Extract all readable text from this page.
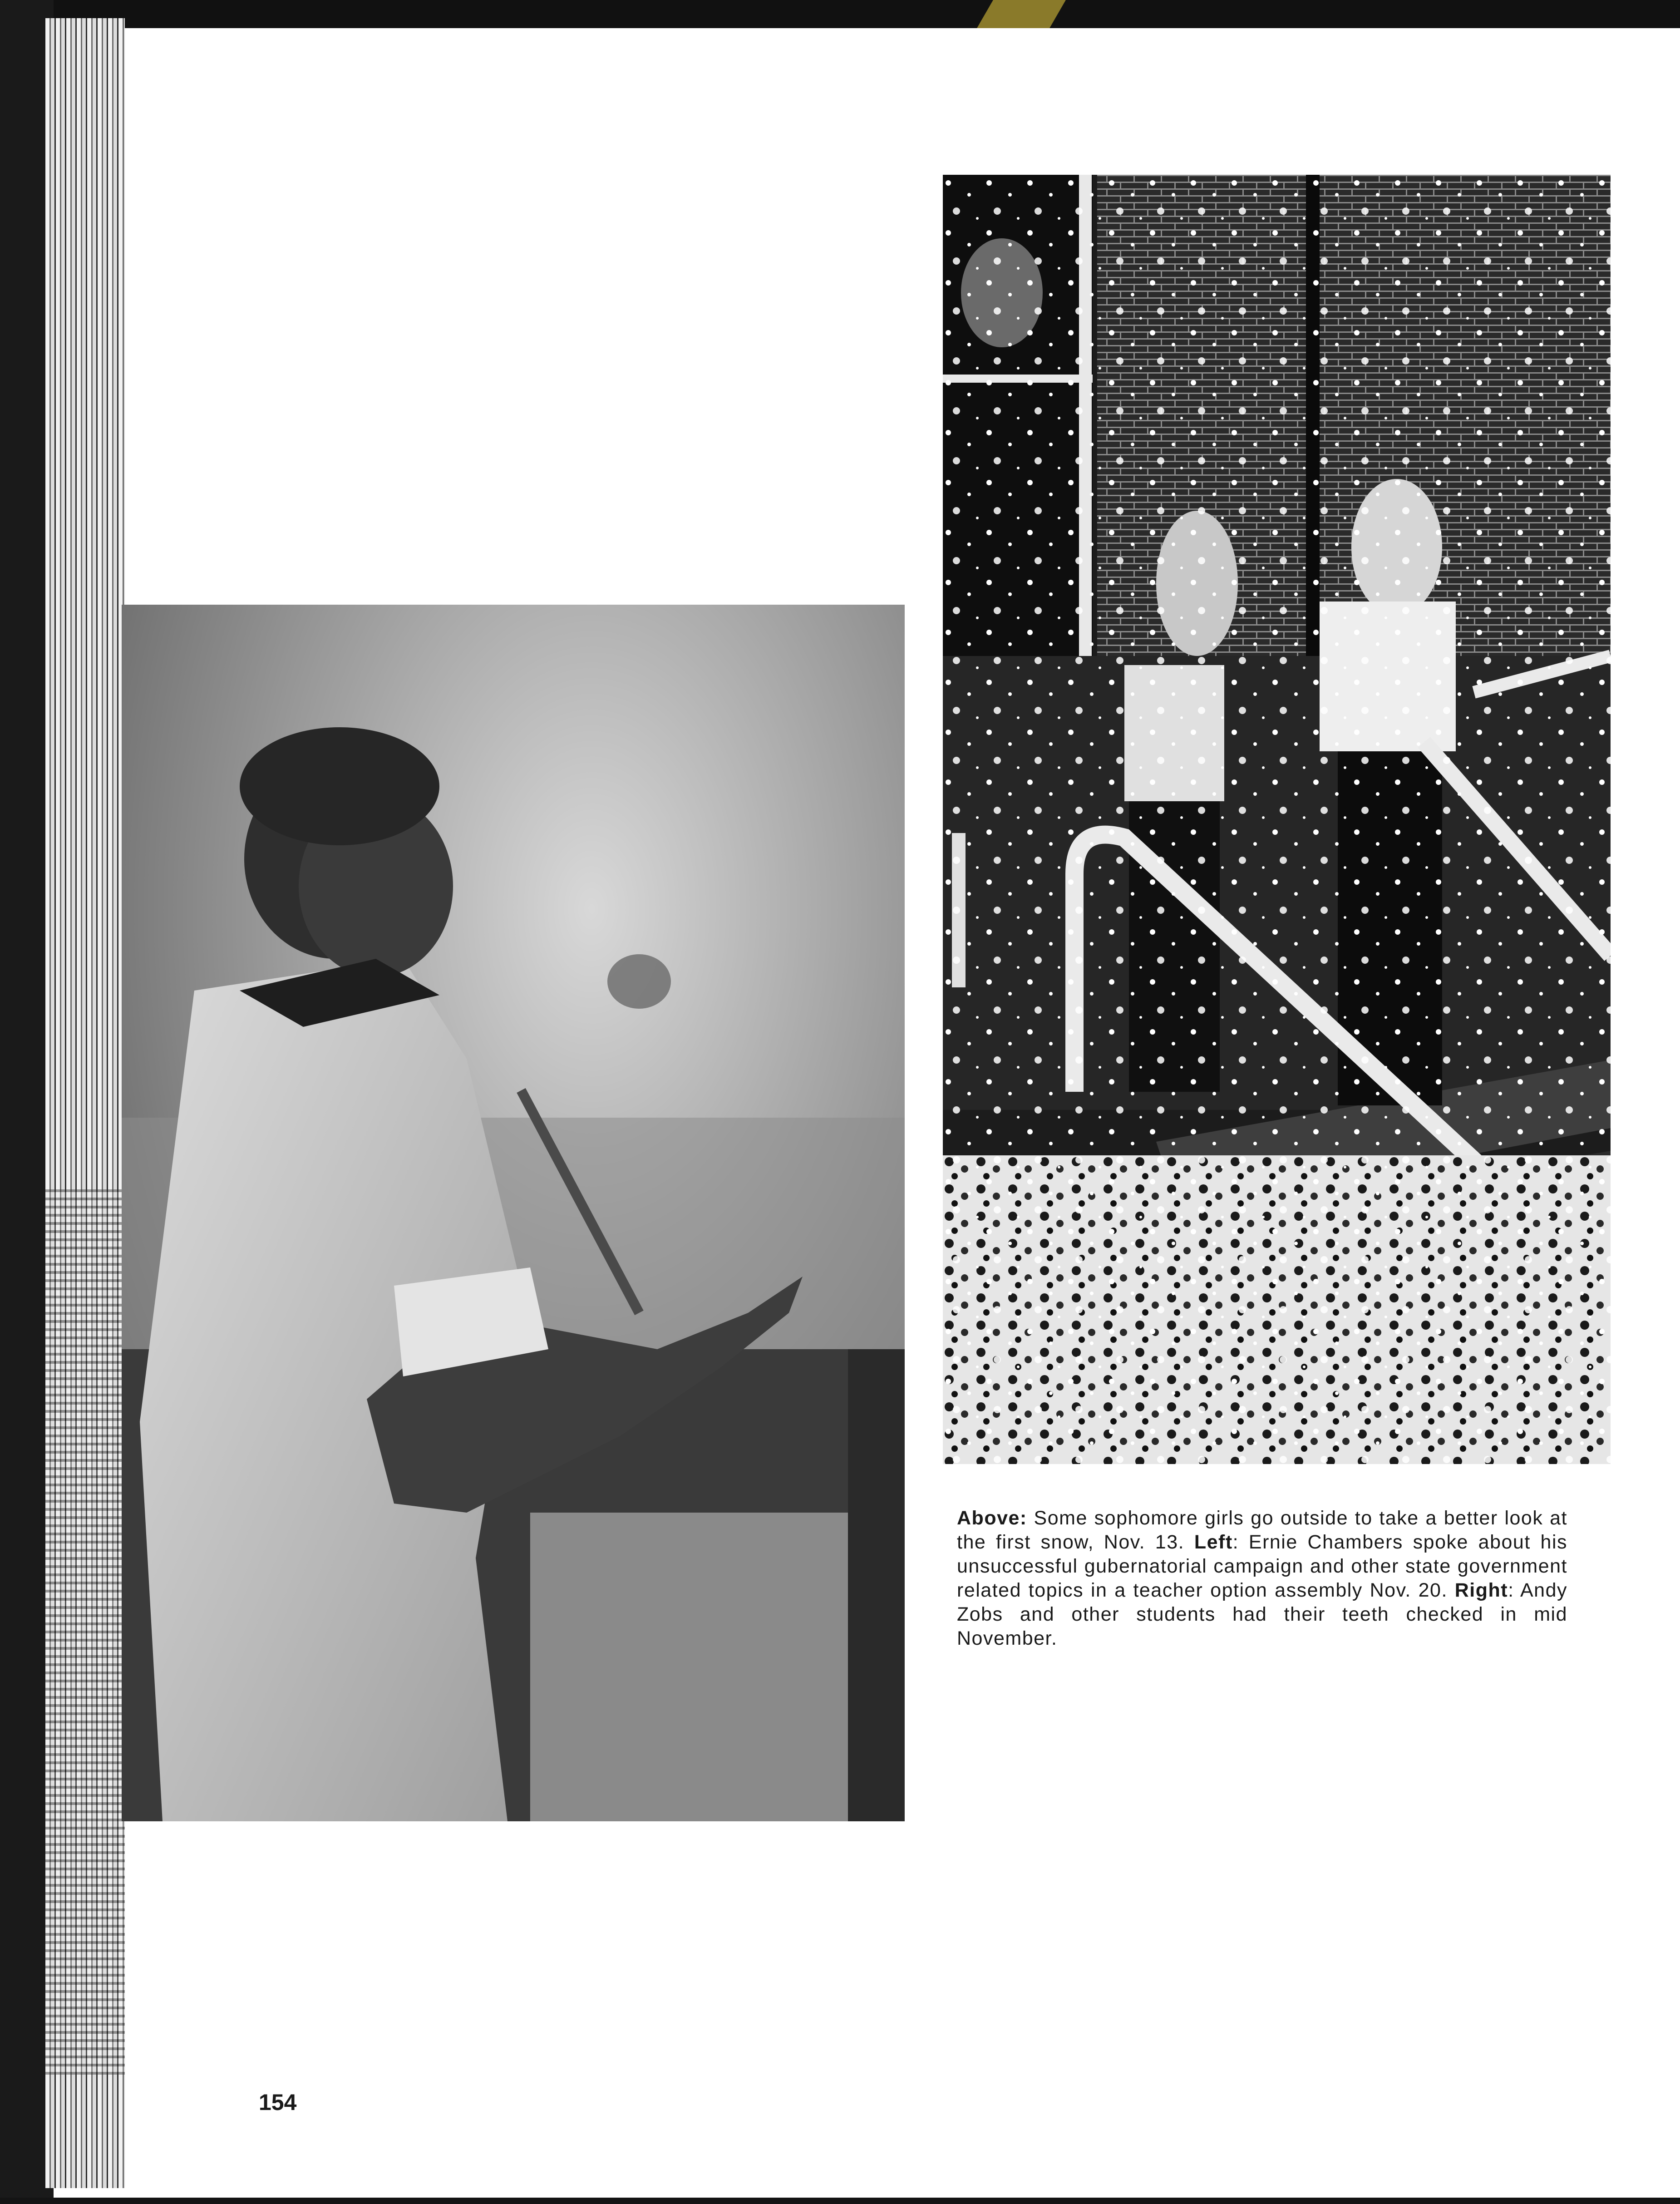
Above: Some sophomore girls go outside to take a better look at the first snow, Nov. 13. Left: Ernie Chambers spoke about his unsuccessful gubernatorial campaign and other state government related topics in a teacher option assembly Nov. 20. Right: Andy Zobs and other students had their teeth checked in mid November.
154
